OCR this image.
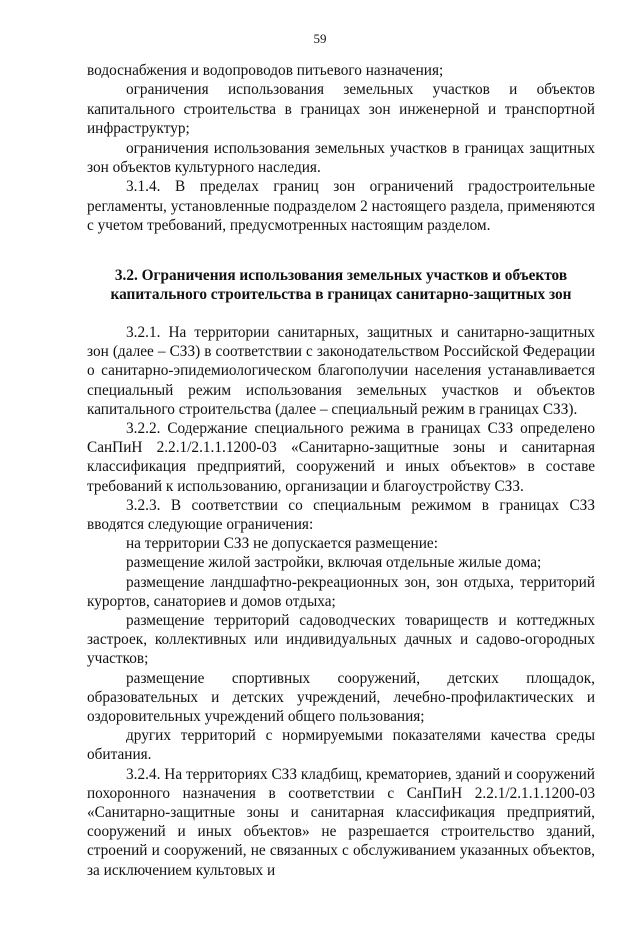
59

водоснабжения и водопроводов питьевого назначения;

ограничения использования земельных участков и объектов капитального строительства в границах зон инженерной и транспортной инфраструктур;

ограничения использования земельных участков в границах защитных зон объектов культурного наследия.

3.1.4. В пределах границ зон ограничений градостроительные регламенты, установленные подразделом 2 настоящего раздела, применяются с учетом требований, предусмотренных настоящим разделом.

3.2. Ограничения использования земельных участков и объектов
капитального строительства в границах санитарно-защитных зон

3.2.1. На территории санитарных, защитных и санитарно-защитных зон (далее – СЗЗ) в соответствии с законодательством Российской Федерации о санитарно-эпидемиологическом благополучии населения устанавливается специальный режим использования земельных участков и объектов капитального строительства (далее – специальный режим в границах СЗЗ).

3.2.2. Содержание специального режима в границах СЗЗ определено СанПиН 2.2.1/2.1.1.1200-03 «Санитарно-защитные зоны и санитарная классификация предприятий, сооружений и иных объектов» в составе требований к использованию, организации и благоустройству СЗЗ.

3.2.3. В соответствии со специальным режимом в границах СЗЗ вводятся следующие ограничения:

на территории СЗЗ не допускается размещение:

размещение жилой застройки, включая отдельные жилые дома;

размещение ландшафтно-рекреационных зон, зон отдыха, территорий курортов, санаториев и домов отдыха;

размещение территорий садоводческих товариществ и коттеджных застроек, коллективных или индивидуальных дачных и садово-огородных участков;

размещение спортивных сооружений, детских площадок, образовательных и детских учреждений, лечебно-профилактических и оздоровительных учреждений общего пользования;

других территорий с нормируемыми показателями качества среды обитания.

3.2.4. На территориях СЗЗ кладбищ, крематориев, зданий и сооружений похоронного назначения в соответствии с СанПиН 2.2.1/2.1.1.1200-03 «Санитарно-защитные зоны и санитарная классификация предприятий, сооружений и иных объектов» не разрешается строительство зданий, строений и сооружений, не связанных с обслуживанием указанных объектов, за исключением культовых и
